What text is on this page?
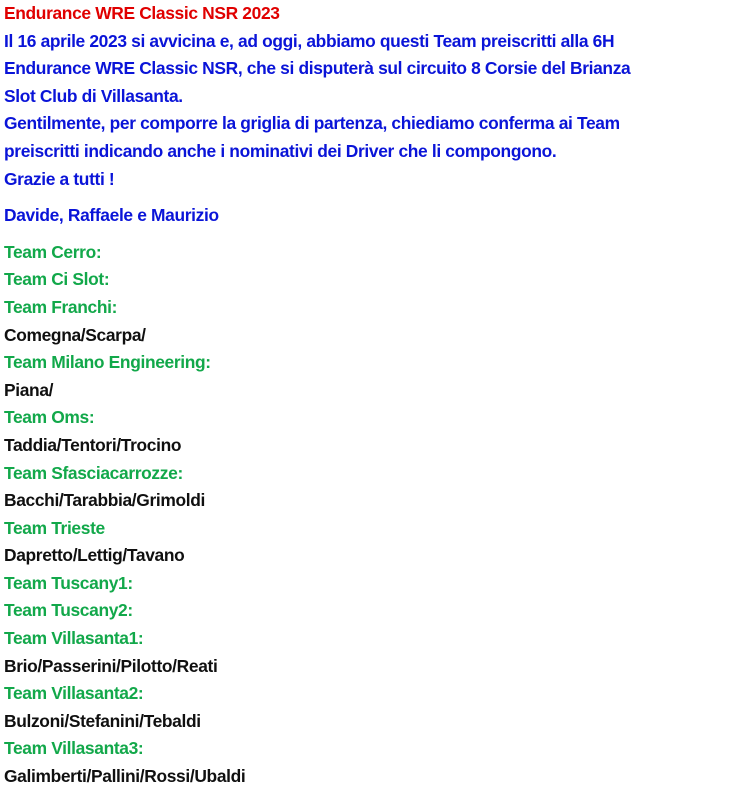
Endurance WRE Classic NSR 2023
Il 16 aprile 2023 si avvicina e, ad oggi, abbiamo questi Team preiscritti alla 6H
Endurance WRE Classic NSR, che si disputerà sul circuito 8 Corsie del Brianza
Slot Club di Villasanta.
Gentilmente, per comporre la griglia di partenza, chiediamo conferma ai Team
preiscritti indicando anche i nominativi dei Driver che li compongono.
Grazie a tutti !
Davide, Raffaele e Maurizio
Team Cerro:
Team Ci Slot:
Team Franchi:
Comegna/Scarpa/
Team Milano Engineering:
Piana/
Team Oms:
Taddia/Tentori/Trocino
Team Sfasciacarrozze:
Bacchi/Tarabbia/Grimoldi
Team Trieste
Dapretto/Lettig/Tavano
Team Tuscany1:
Team Tuscany2:
Team Villasanta1:
Brio/Passerini/Pilotto/Reati
Team Villasanta2:
Bulzoni/Stefanini/Tebaldi
Team Villasanta3:
Galimberti/Pallini/Rossi/Ubaldi
